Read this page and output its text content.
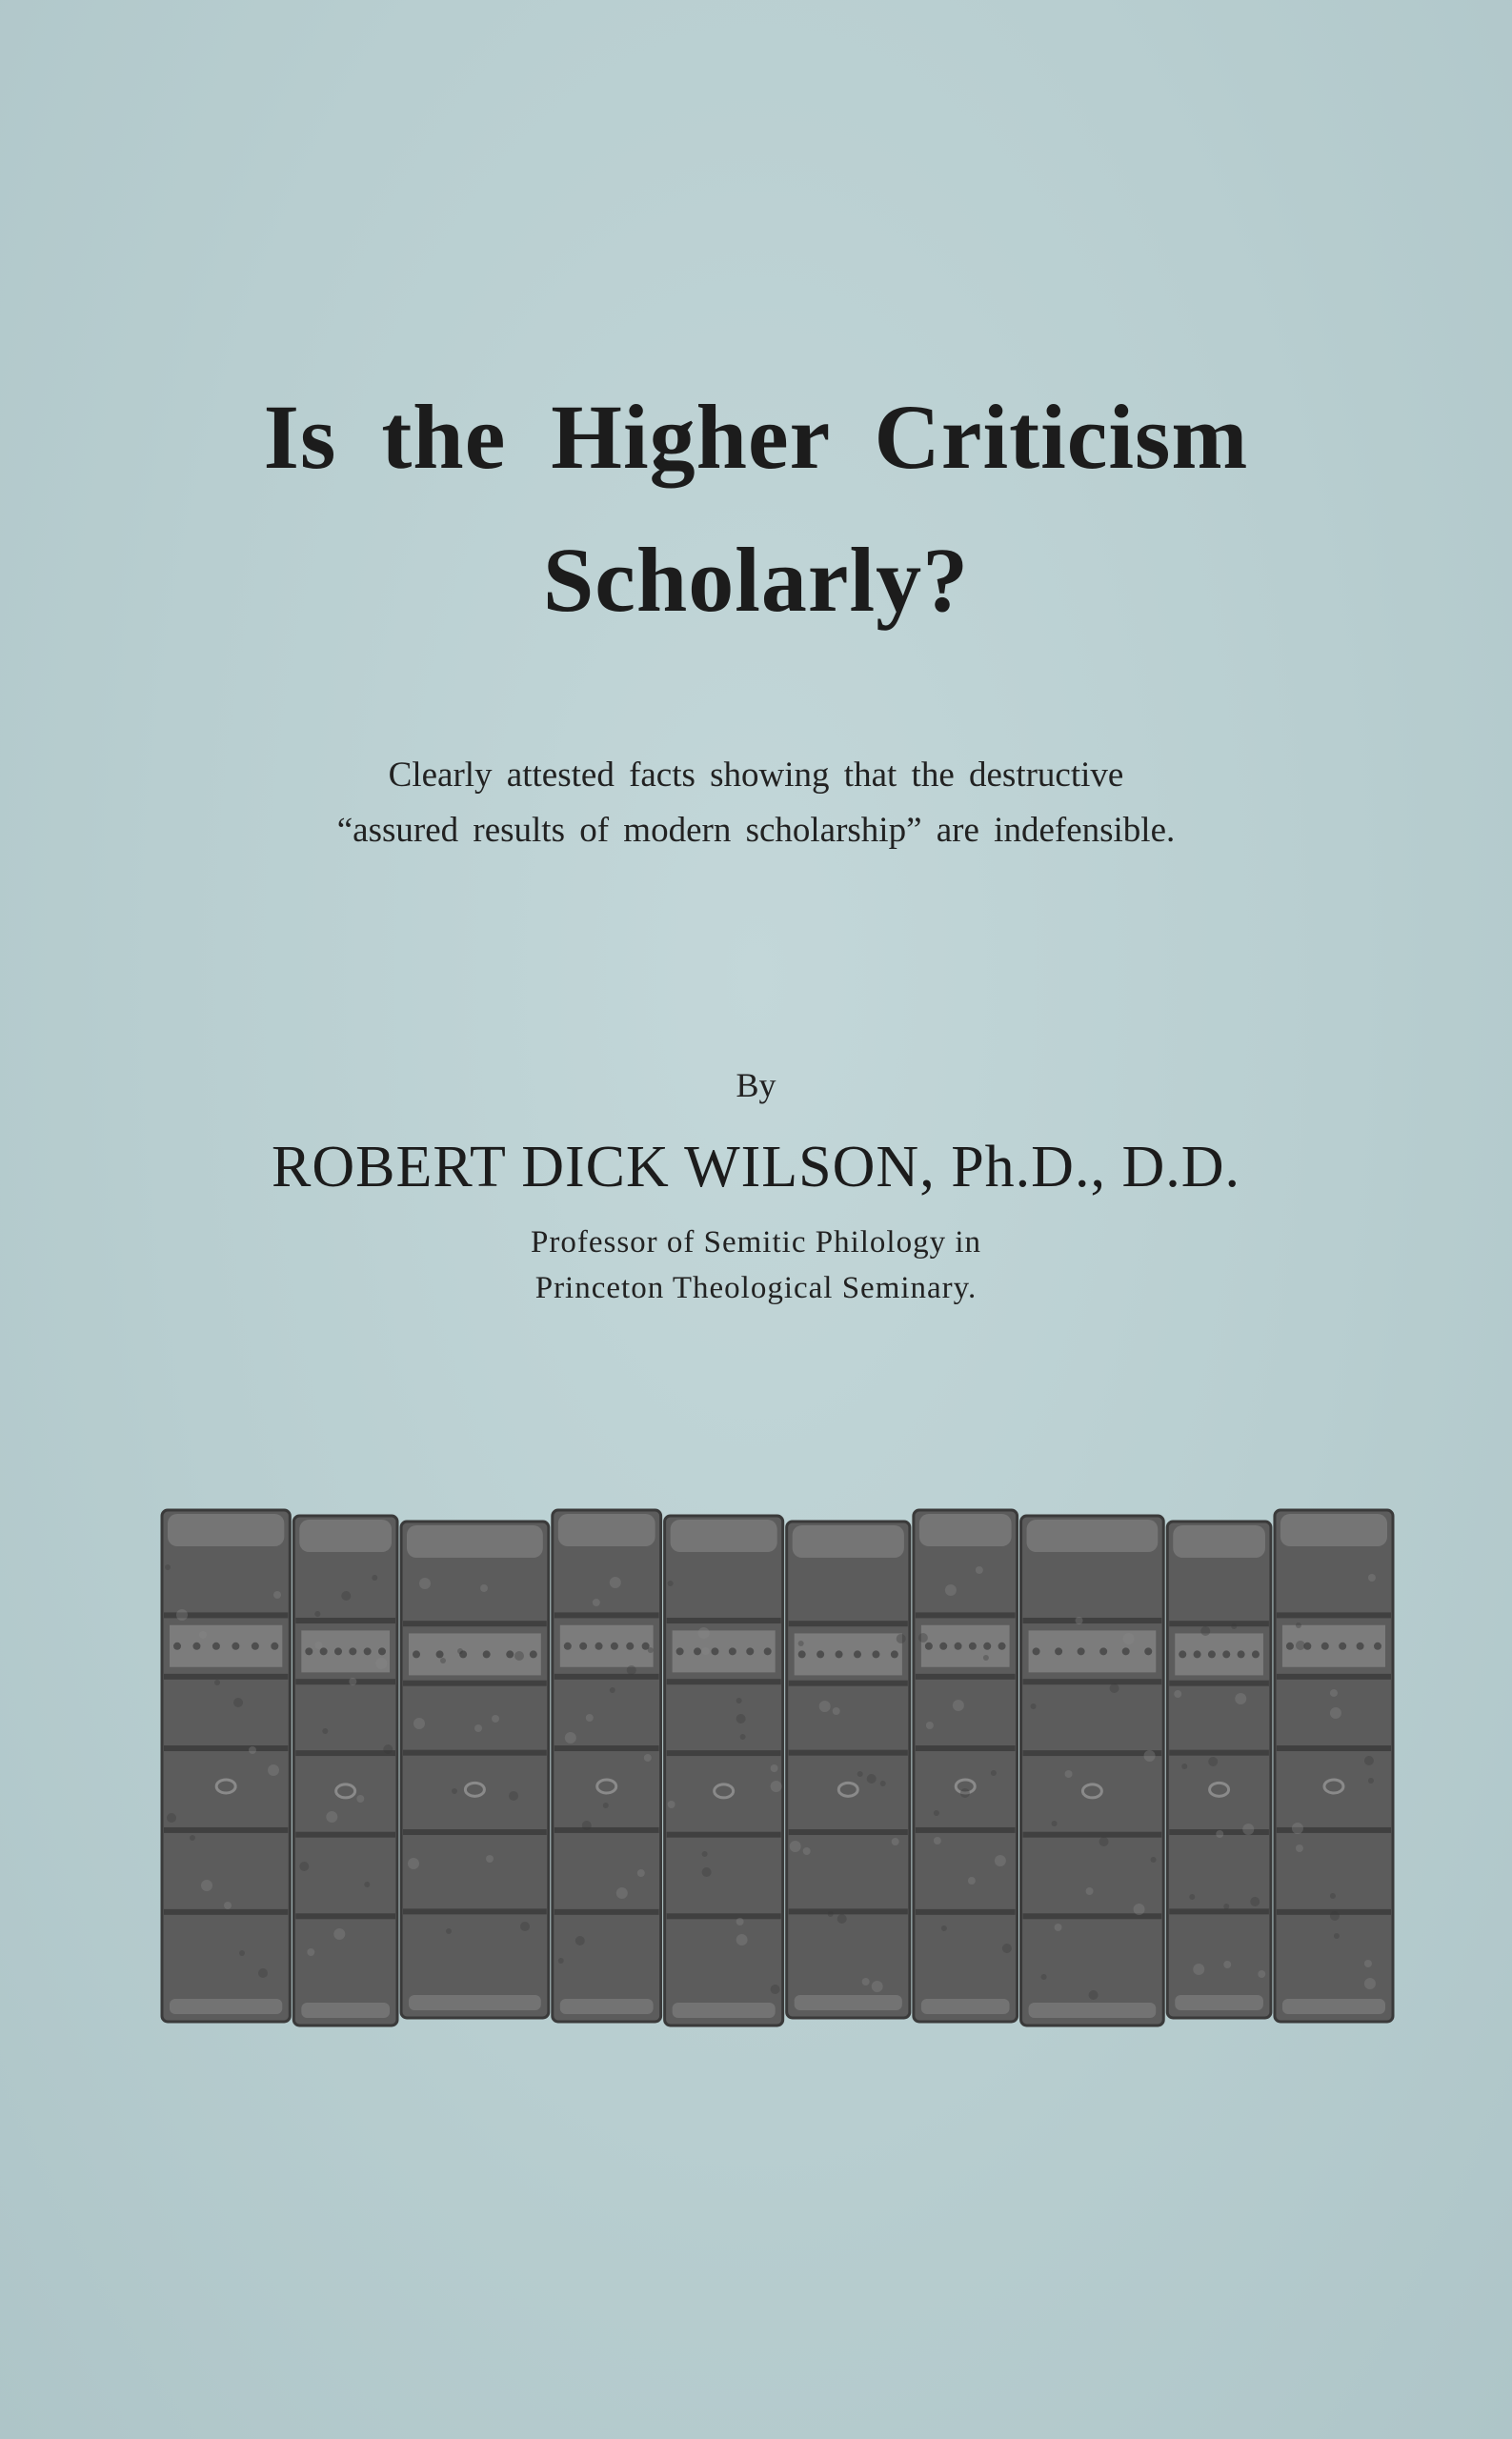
Is the Higher Criticism
Scholarly?
Clearly attested facts showing that the destructive
“assured results of modern scholarship” are indefensible.
By
ROBERT DICK WILSON, Ph.D., D.D.
Professor of Semitic Philology in
Princeton Theological Seminary.
